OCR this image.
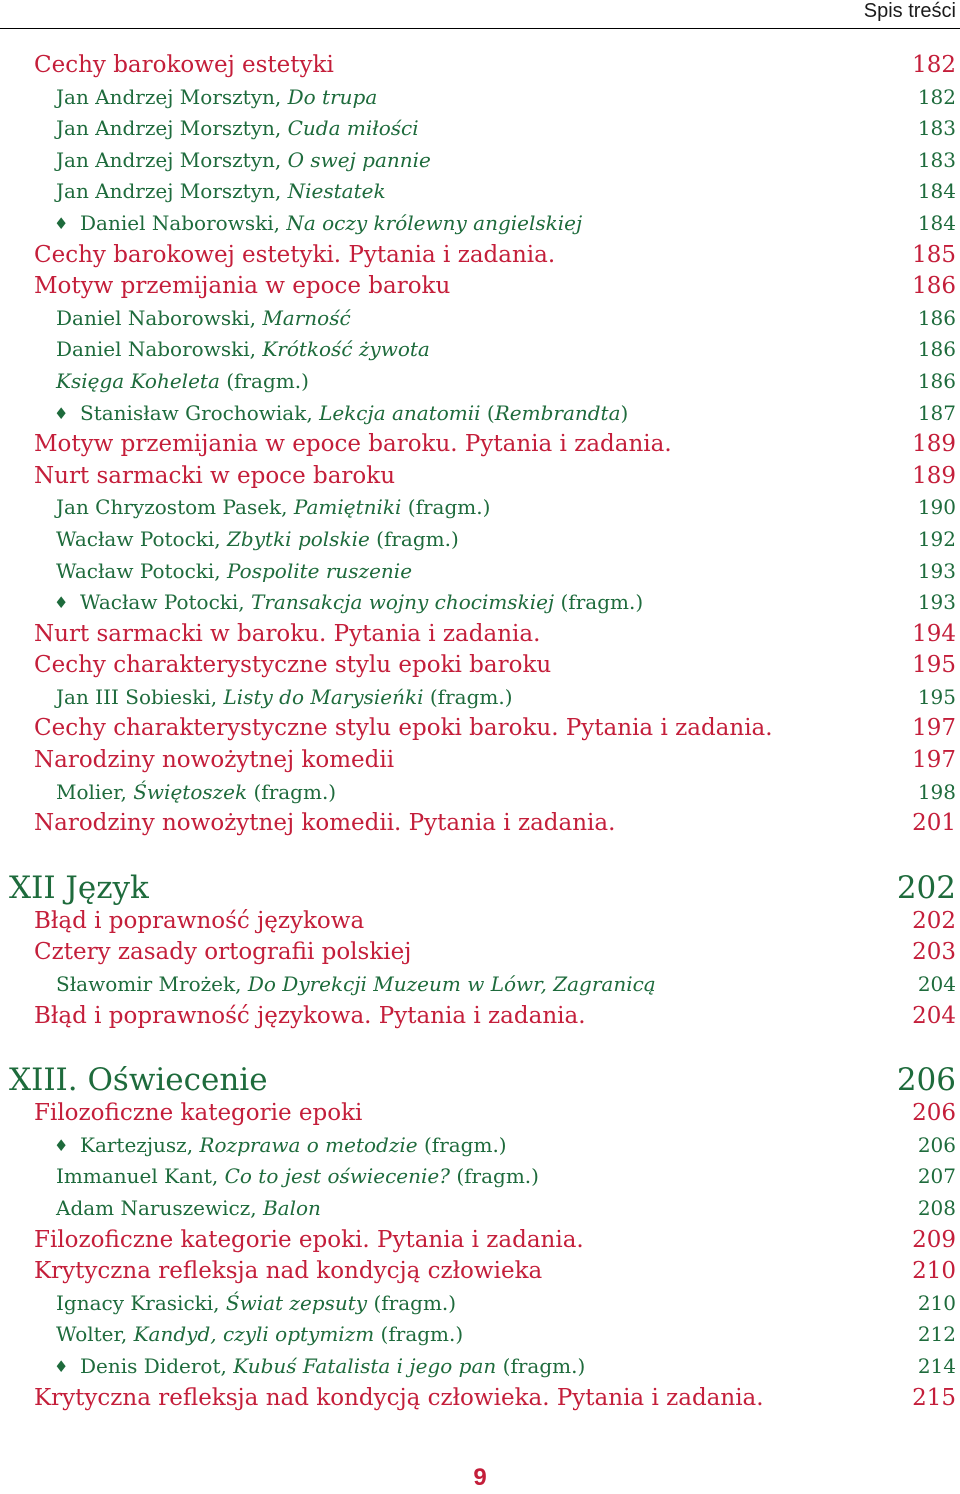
Spis treści
Cechy barokowej estetyki	182
Jan Andrzej Morsztyn, Do trupa	182
Jan Andrzej Morsztyn, Cuda miłości	183
Jan Andrzej Morsztyn, O swej pannie	183
Jan Andrzej Morsztyn, Niestatek	184
♦ Daniel Naborowski, Na oczy królewny angielskiej	184
Cechy barokowej estetyki. Pytania i zadania.	185
Motyw przemijania w epoce baroku	186
Daniel Naborowski, Marność	186
Daniel Naborowski, Krótkość żywota	186
Księga Koheleta (fragm.)	186
♦ Stanisław Grochowiak, Lekcja anatomii (Rembrandta)	187
Motyw przemijania w epoce baroku. Pytania i zadania.	189
Nurt sarmacki w epoce baroku	189
Jan Chryzostom Pasek, Pamiętniki (fragm.)	190
Wacław Potocki, Zbytki polskie (fragm.)	192
Wacław Potocki, Pospolite ruszenie	193
♦ Wacław Potocki, Transakcja wojny chocimskiej (fragm.)	193
Nurt sarmacki w baroku. Pytania i zadania.	194
Cechy charakterystyczne stylu epoki baroku	195
Jan III Sobieski, Listy do Marysieńki (fragm.)	195
Cechy charakterystyczne stylu epoki baroku. Pytania i zadania.	197
Narodziny nowożytnej komedii	197
Molier, Świętoszek (fragm.)	198
Narodziny nowożytnej komedii. Pytania i zadania.	201
XII Język	202
Błąd i poprawność językowa	202
Cztery zasady ortografii polskiej	203
Sławomir Mrożek, Do Dyrekcji Muzeum w Lówr, Zagranicą	204
Błąd i poprawność językowa. Pytania i zadania.	204
XIII. Oświecenie	206
Filozoficzne kategorie epoki	206
♦ Kartezjusz, Rozprawa o metodzie (fragm.)	206
Immanuel Kant, Co to jest oświecenie? (fragm.)	207
Adam Naruszewicz, Balon	208
Filozoficzne kategorie epoki. Pytania i zadania.	209
Krytyczna refleksja nad kondycją człowieka	210
Ignacy Krasicki, Świat zepsuty (fragm.)	210
Wolter, Kandyd, czyli optymizm (fragm.)	212
♦ Denis Diderot, Kubuś Fatalista i jego pan (fragm.)	214
Krytyczna refleksja nad kondycją człowieka. Pytania i zadania.	215
9
